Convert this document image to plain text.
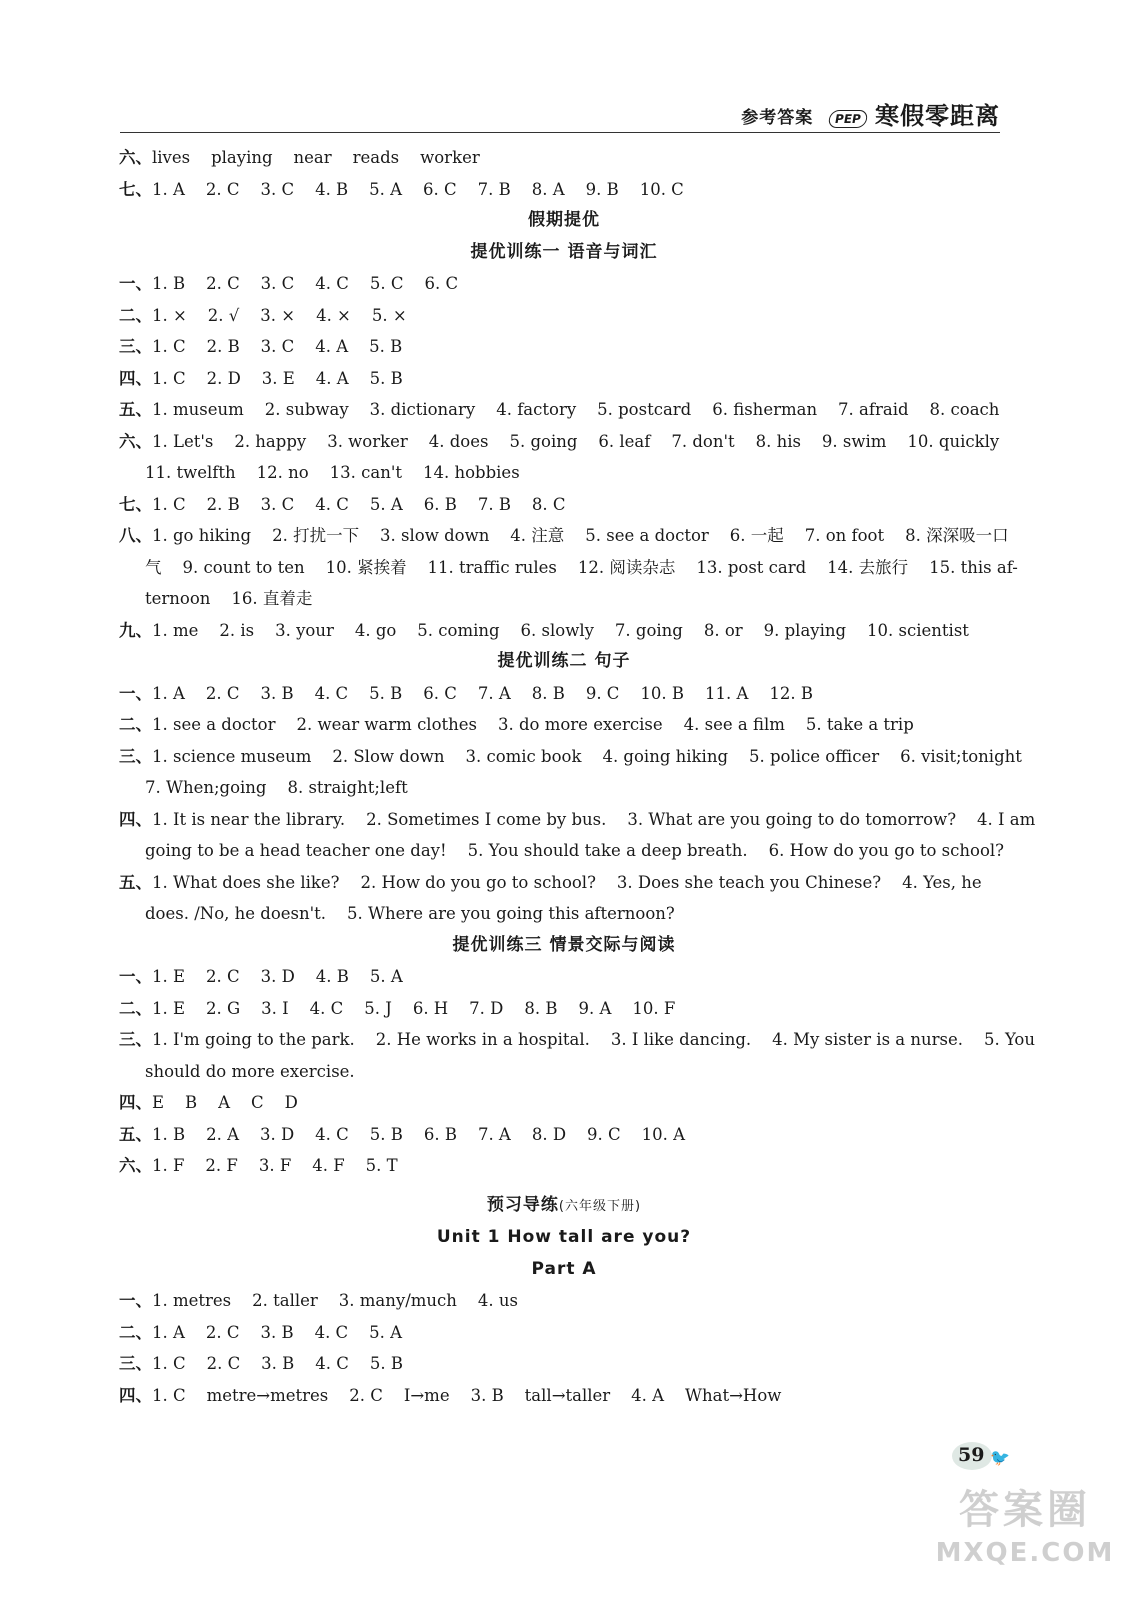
参考答案	PEP 寒假零距离
六、lives    playing    near    reads    worker
七、1. A    2. C    3. C    4. B    5. A    6. C    7. B    8. A    9. B    10. C
假期提优
提优训练一 语音与词汇
一、1. B    2. C    3. C    4. C    5. C    6. C
二、1. ×    2. √    3. ×    4. ×    5. ×
三、1. C    2. B    3. C    4. A    5. B
四、1. C    2. D    3. E    4. A    5. B
五、1. museum    2. subway    3. dictionary    4. factory    5. postcard    6. fisherman    7. afraid    8. coach
六、1. Let's    2. happy    3. worker    4. does    5. going    6. leaf    7. don't    8. his    9. swim    10. quickly
11. twelfth    12. no    13. can't    14. hobbies
七、1. C    2. B    3. C    4. C    5. A    6. B    7. B    8. C
八、1. go hiking    2. 打扰一下    3. slow down    4. 注意    5. see a doctor    6. 一起    7. on foot    8. 深深吸一口
气    9. count to ten    10. 紧挨着    11. traffic rules    12. 阅读杂志    13. post card    14. 去旅行    15. this af-
ternoon    16. 直着走
九、1. me    2. is    3. your    4. go    5. coming    6. slowly    7. going    8. or    9. playing    10. scientist
提优训练二 句子
一、1. A    2. C    3. B    4. C    5. B    6. C    7. A    8. B    9. C    10. B    11. A    12. B
二、1. see a doctor    2. wear warm clothes    3. do more exercise    4. see a film    5. take a trip
三、1. science museum    2. Slow down    3. comic book    4. going hiking    5. police officer    6. visit;tonight
7. When;going    8. straight;left
四、1. It is near the library.    2. Sometimes I come by bus.    3. What are you going to do tomorrow?    4. I am
going to be a head teacher one day!    5. You should take a deep breath.    6. How do you go to school?
五、1. What does she like?    2. How do you go to school?    3. Does she teach you Chinese?    4. Yes, he
does. /No, he doesn't.    5. Where are you going this afternoon?
提优训练三 情景交际与阅读
一、1. E    2. C    3. D    4. B    5. A
二、1. E    2. G    3. I    4. C    5. J    6. H    7. D    8. B    9. A    10. F
三、1. I'm going to the park.    2. He works in a hospital.    3. I like dancing.    4. My sister is a nurse.    5. You
should do more exercise.
四、E    B    A    C    D
五、1. B    2. A    3. D    4. C    5. B    6. B    7. A    8. D    9. C    10. A
六、1. F    2. F    3. F    4. F    5. T
预习导练(六年级下册)
Unit 1 How tall are you?
Part A
一、1. metres    2. taller    3. many/much    4. us
二、1. A    2. C    3. B    4. C    5. A
三、1. C    2. C    3. B    4. C    5. B
四、1. C    metre→metres    2. C    I→me    3. B    tall→taller    4. A    What→How
59 🐦
答案圈
MXQE.COM
